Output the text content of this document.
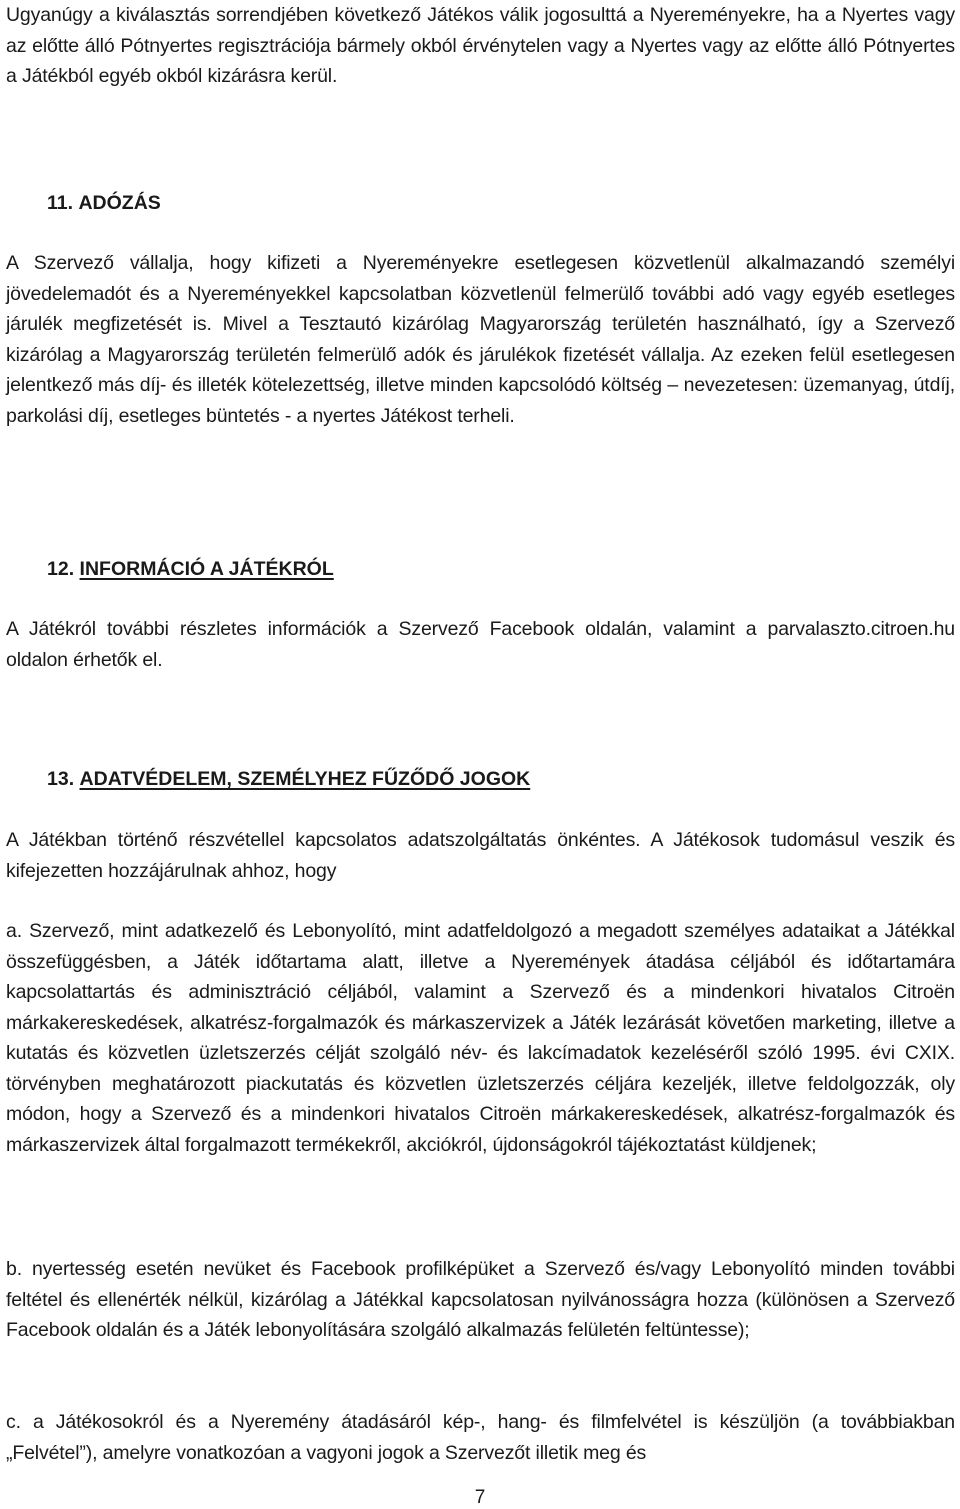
Ugyanúgy a kiválasztás sorrendjében következő Játékos válik jogosulttá a Nyereményekre, ha a Nyertes vagy az előtte álló Pótnyertes regisztrációja bármely okból érvénytelen vagy a Nyertes vagy az előtte álló Pótnyertes a Játékból egyéb okból kizárásra kerül.

11. ADÓZÁS

A Szervező vállalja, hogy kifizeti a Nyereményekre esetlegesen közvetlenül alkalmazandó személyi jövedelemadót és a Nyereményekkel kapcsolatban közvetlenül felmerülő további adó vagy egyéb esetleges járulék megfizetését is. Mivel a Tesztautó kizárólag Magyarország területén használható, így a Szervező kizárólag a Magyarország területén felmerülő adók és járulékok fizetését vállalja. Az ezeken felül esetlegesen jelentkező más díj- és illeték kötelezettség, illetve minden kapcsolódó költség – nevezetesen: üzemanyag, útdíj, parkolási díj, esetleges büntetés - a nyertes Játékost terheli.

12. INFORMÁCIÓ A JÁTÉKRÓL

A Játékról további részletes információk a Szervező Facebook oldalán, valamint a parvalaszto.citroen.hu oldalon érhetők el.

13. ADATVÉDELEM, SZEMÉLYHEZ FŰZŐDŐ JOGOK

A Játékban történő részvétellel kapcsolatos adatszolgáltatás önkéntes. A Játékosok tudomásul veszik és kifejezetten hozzájárulnak ahhoz, hogy

a. Szervező, mint adatkezelő és Lebonyolító, mint adatfeldolgozó a megadott személyes adataikat a Játékkal összefüggésben, a Játék időtartama alatt, illetve a Nyeremények átadása céljából és időtartamára kapcsolattartás és adminisztráció céljából, valamint a Szervező és a mindenkori hivatalos Citroën márkakereskedések, alkatrész-forgalmazók és márkaszervizek a Játék lezárását követően marketing, illetve a kutatás és közvetlen üzletszerzés célját szolgáló név- és lakcímadatok kezeléséről szóló 1995. évi CXIX. törvényben meghatározott piackutatás és közvetlen üzletszerzés céljára kezeljék, illetve feldolgozzák, oly módon, hogy a Szervező és a mindenkori hivatalos Citroën márkakereskedések, alkatrész-forgalmazók és márkaszervizek által forgalmazott termékekről, akciókról, újdonságokról tájékoztatást küldjenek;

b. nyertesség esetén nevüket és Facebook profilképüket a Szervező és/vagy Lebonyolító minden további feltétel és ellenérték nélkül, kizárólag a Játékkal kapcsolatosan nyilvánosságra hozza (különösen a Szervező Facebook oldalán és a Játék lebonyolítására szolgáló alkalmazás felületén feltüntesse);

c. a Játékosokról és a Nyeremény átadásáról kép-, hang- és filmfelvétel is készüljön (a továbbiakban „Felvétel”), amelyre vonatkozóan a vagyoni jogok a Szervezőt illetik meg és

7
